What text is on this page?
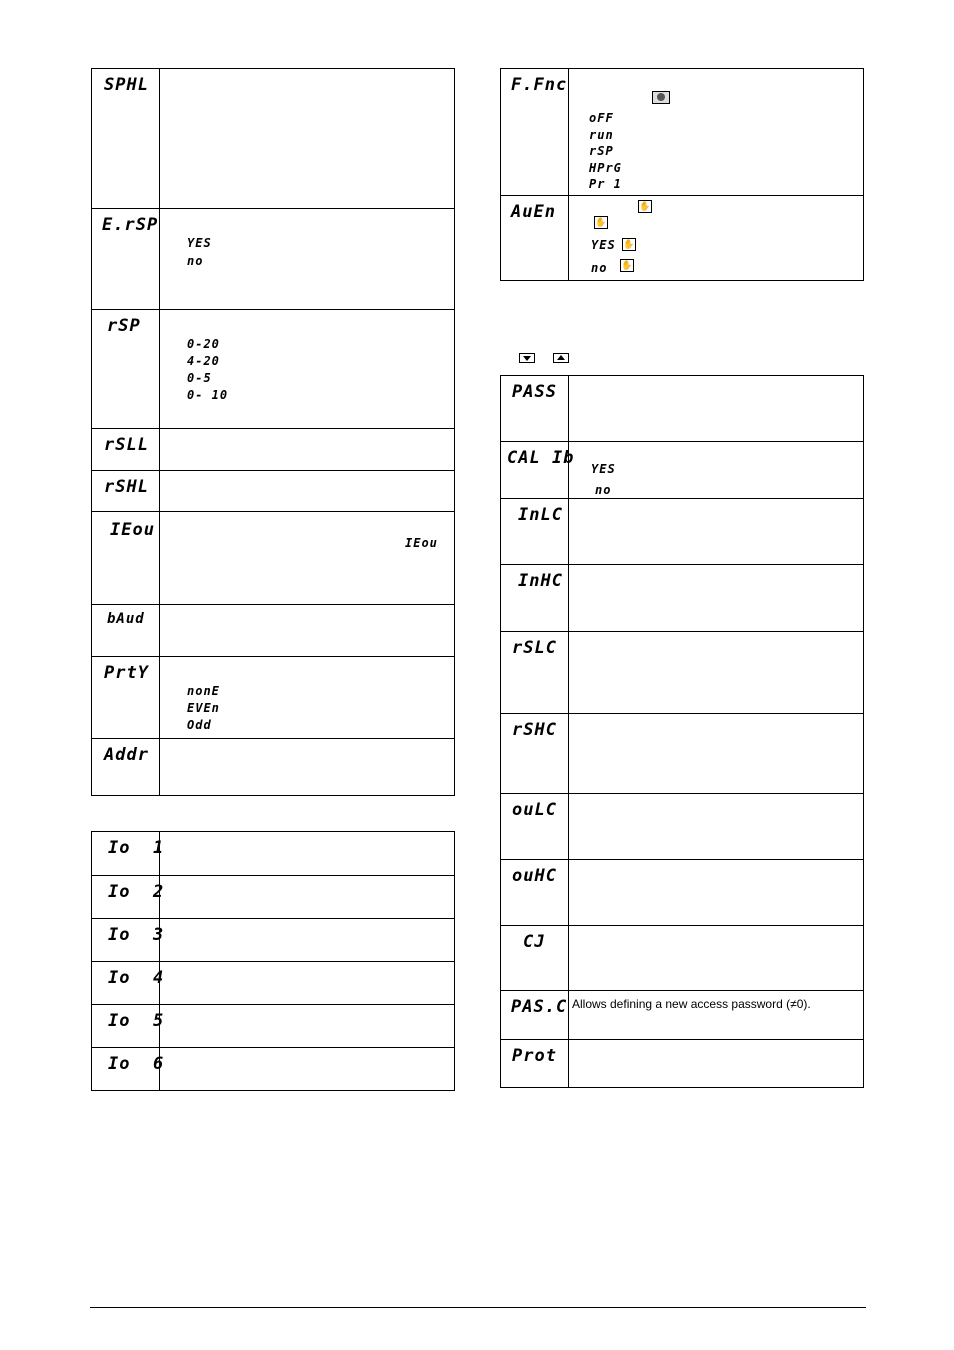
SPHL
E.rSP
YES
no
rSP
0-20
4-20
0-5
0- 10
rSLL
rSHL
IEou
IEou
bAud
PrtY
nonE
EVEn
Odd
Addr
Io  1
Io  2
Io  3
Io  4
Io  5
Io  6
F.Fnc
oFF
run
rSP
HPrG
Pr 1
AuEn	✋
✋
YES ✋
no ✋
PASS
CAL Ib
YES
no
InLC
InHC
rSLC
rSHC
ouLC
ouHC
CJ
PAS.C Allows defining a new access password (≠0).
Prot
